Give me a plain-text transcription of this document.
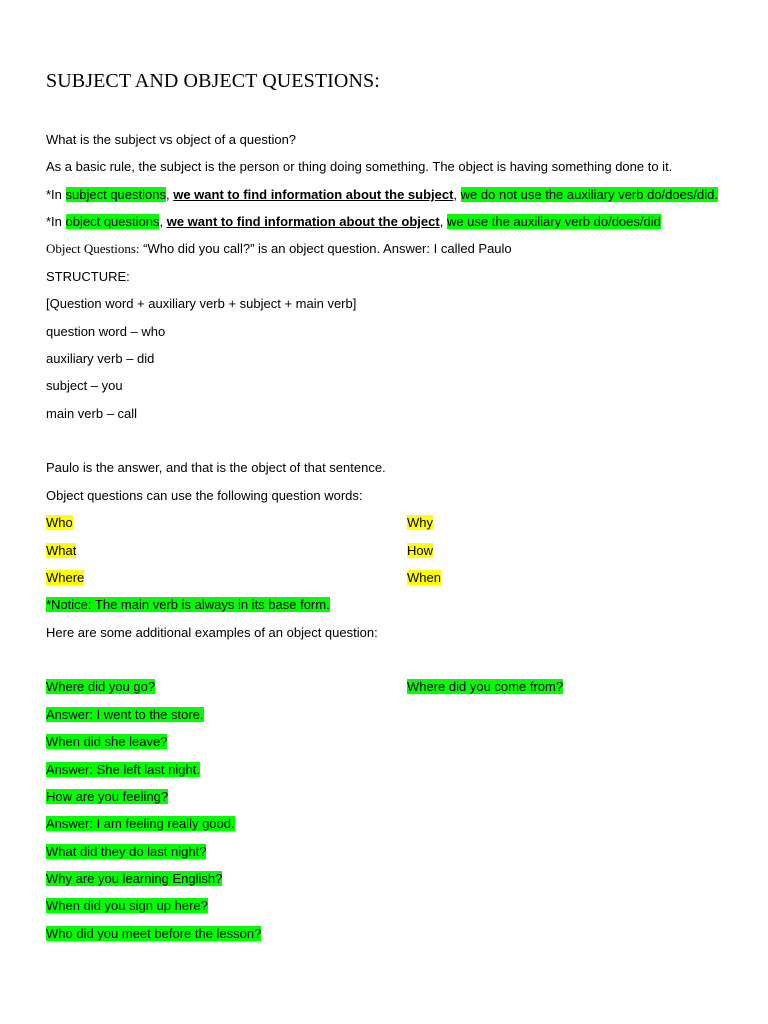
SUBJECT AND OBJECT QUESTIONS:
What is the subject vs object of a question?
As a basic rule, the subject is the person or thing doing something. The object is having something done to it.
*In subject questions, we want to find information about the subject, we do not use the auxiliary verb do/does/did.
*In object questions, we want to find information about the object, we use the auxiliary verb do/does/did
Object Questions: “Who did you call?” is an object question. Answer: I called Paulo
STRUCTURE:
[Question word + auxiliary verb + subject + main verb]
question word – who
auxiliary verb – did
subject – you
main verb – call
Paulo is the answer, and that is the object of that sentence.
Object questions can use the following question words:
Who	Why
What	How
Where	When
*Notice: The main verb is always in its base form.
Here are some additional examples of an object question:
Where did you go?	Where did you come from?
Answer: I went to the store.
When did she leave?
Answer: She left last night.
How are you feeling?
Answer: I am feeling really good.
What did they do last night?
Why are you learning English?
When did you sign up here?
Who did you meet before the lesson?
